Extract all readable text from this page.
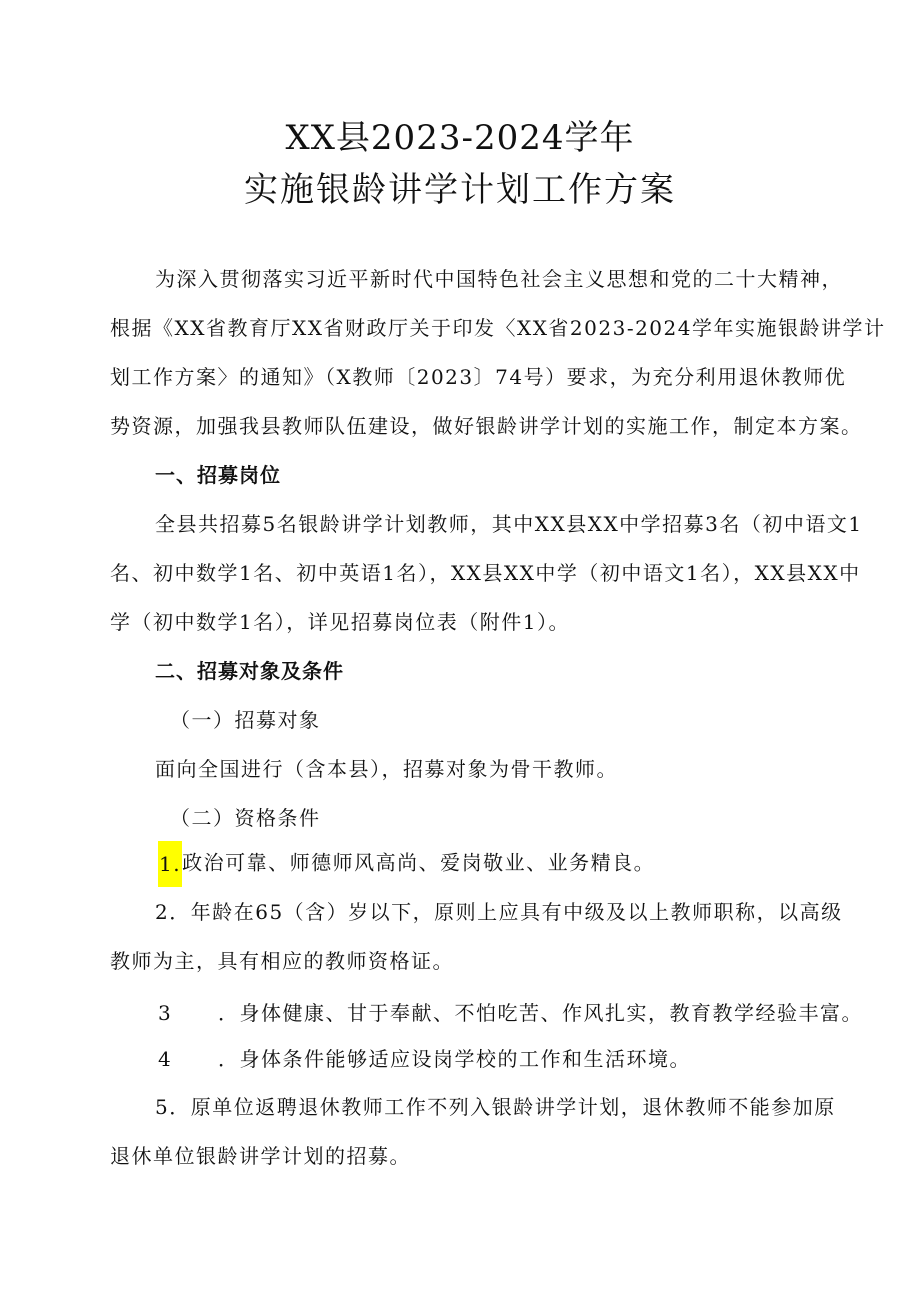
XX县2023-2024学年
实施银龄讲学计划工作方案
为深入贯彻落实习近平新时代中国特色社会主义思想和党的二十大精神，
根据《XX省教育厅XX省财政厅关于印发〈XX省2023-2024学年实施银龄讲学计
划工作方案〉的通知》（X教师〔2023〕74号）要求，为充分利用退休教师优
势资源，加强我县教师队伍建设，做好银龄讲学计划的实施工作，制定本方案。
一、招募岗位
全县共招募5名银龄讲学计划教师，其中XX县XX中学招募3名（初中语文1
名、初中数学1名、初中英语1名），XX县XX中学（初中语文1名），XX县XX中
学（初中数学1名），详见招募岗位表（附件1）。
二、招募对象及条件
（一）招募对象
面向全国进行（含本县），招募对象为骨干教师。
（二）资格条件
1.政治可靠、师德师风高尚、爱岗敬业、业务精良。
2．年龄在65（含）岁以下，原则上应具有中级及以上教师职称，以高级
教师为主，具有相应的教师资格证。
3 ．身体健康、甘于奉献、不怕吃苦、作风扎实，教育教学经验丰富。
4 ．身体条件能够适应设岗学校的工作和生活环境。
5．原单位返聘退休教师工作不列入银龄讲学计划，退休教师不能参加原
退休单位银龄讲学计划的招募。
